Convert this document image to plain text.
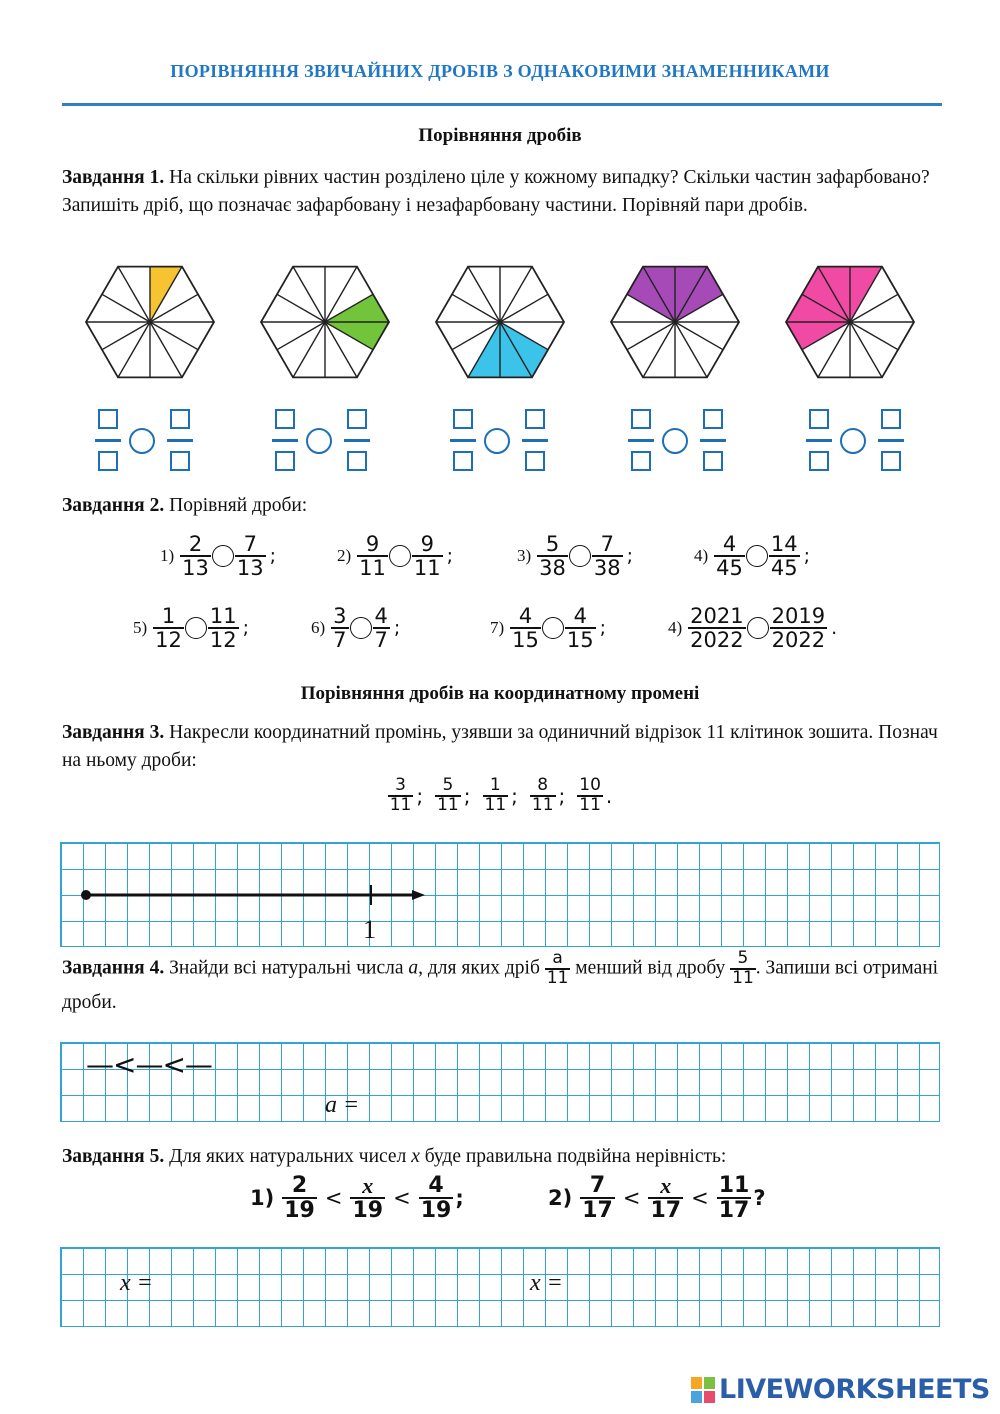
ПОРІВНЯННЯ ЗВИЧАЙНИХ ДРОБІВ З ОДНАКОВИМИ ЗНАМЕННИКАМИ
Порівняння дробів
Завдання 1. На скільки рівних частин розділено ціле у кожному випадку? Скільки частин зафарбовано? Запишіть дріб, що позначає зафарбовану і незафарбовану частини. Порівняй пари дробів.
Завдання 2. Порівняй дроби:
$1) \frac{2}{13} \frac{7}{13}$ ;	$2) \frac{9}{11} \frac{9}{11}$ ;	$3) \frac{5}{38} \frac{7}{38}$ ;	$4) \frac{4}{45} \frac{14}{45}$ ;
$5) \frac{1}{12} \frac{11}{12}$ ;	$6) \frac{3}{7} \frac{4}{7}$ ;	$7) \frac{4}{15} \frac{4}{15}$ ;	$4) \frac{2021}{2022} \frac{2019}{2022}$ .
Порівняння дробів на координатному промені
Завдання 3. Накресли координатний промінь, узявши за одиничний відрізок 11 клітинок зошита. Познач на ньому дроби:
$\frac{3}{11}$ ; $\frac{5}{11}$ ; $\frac{1}{11}$ ; $\frac{8}{11}$ ; $\frac{10}{11}$ .
1
Завдання 4. Знайди всі натуральні числа a, для яких дріб $\frac{a}{11}$ менший від дробу $\frac{5}{11}$ . Запиши всі отримані дроби.
—<—<—
a =
Завдання 5. Для яких натуральних чисел x буде правильна подвійна нерівність:
$1) \frac{2}{19} < \frac{x}{19} < \frac{4}{19}$ ;	$2) \frac{7}{17} < \frac{x}{17} < \frac{11}{17}$ ?
x =	x =
LIVEWORKSHEETS
